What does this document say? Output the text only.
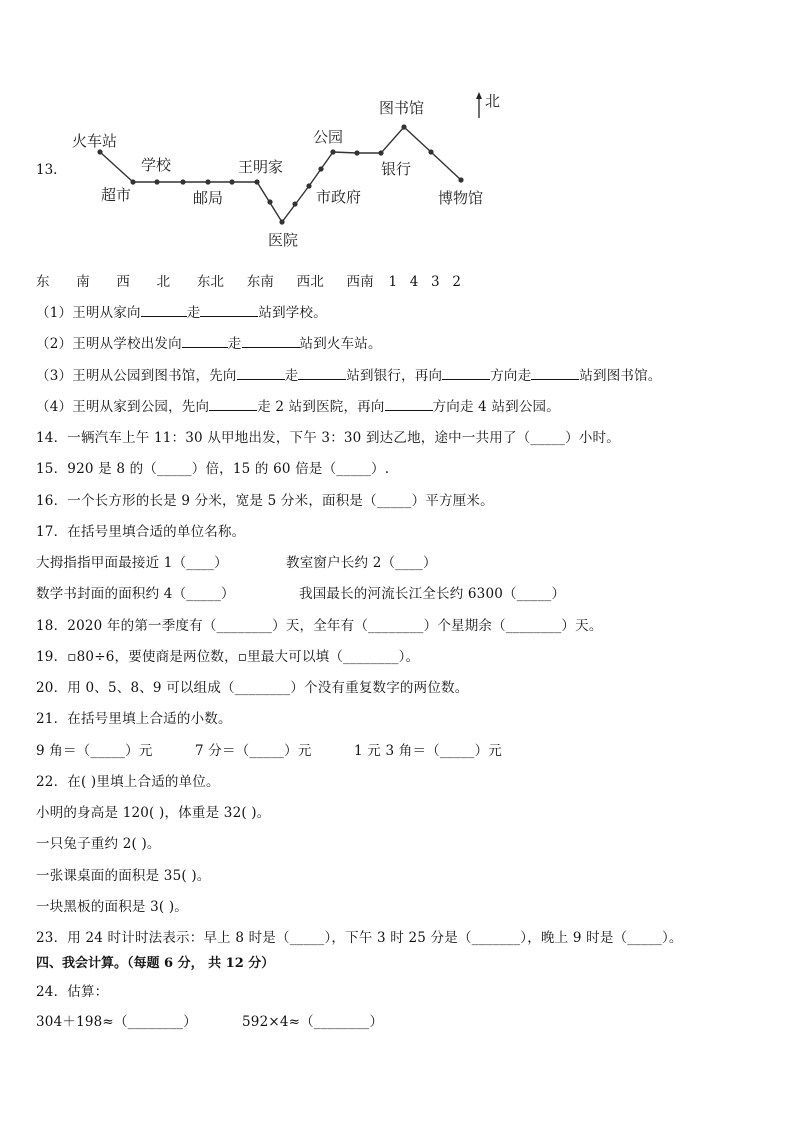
13.
火车站
超市
学校
邮局
王明家
医院
市政府
公园
图书馆
银行
博物馆
北
东 南 西 北 东北 东南 西北 西南 1 4 3 2
（1）王明从家向	走	站到学校。
（2）王明从学校出发向	走	站到火车站。
（3）王明从公园到图书馆，先向	走	站到银行，再向	方向走	站到图书馆。
（4）王明从家到公园，先向	走 2 站到医院，再向	方向走 4 站到公园。
14．一辆汽车上午 11：30 从甲地出发，下午 3：30 到达乙地，途中一共用了（_____）小时。
15．920 是 8 的（_____）倍，15 的 60 倍是（_____）.
16．一个长方形的长是 9 分米，宽是 5 分米，面积是（_____）平方厘米。
17．在括号里填合适的单位名称。
大拇指指甲面最接近 1（____）	教室窗户长约 2（____）
数学书封面的面积约 4（_____）	我国最长的河流长江全长约 6300（_____）
18．2020 年的第一季度有（________）天，全年有（________）个星期余（________）天。
19．▫80÷6，要使商是两位数，▫里最大可以填（________）。
20．用 0、5、8、9 可以组成（________）个没有重复数字的两位数。
21．在括号里填上合适的小数。
9 角＝（_____）元	7 分＝（_____）元	1 元 3 角＝（_____）元
22．在( )里填上合适的单位。
小明的身高是 120( )，体重是 32( )。
一只兔子重约 2( )。
一张课桌面的面积是 35( )。
一块黑板的面积是 3( )。
23．用 24 时计时法表示：早上 8 时是（_____），下午 3 时 25 分是（_______），晚上 9 时是（_____）。
四、我会计算。（每题 6 分， 共 12 分）
24．估算：
304＋198≈（________）	592×4≈（________）
